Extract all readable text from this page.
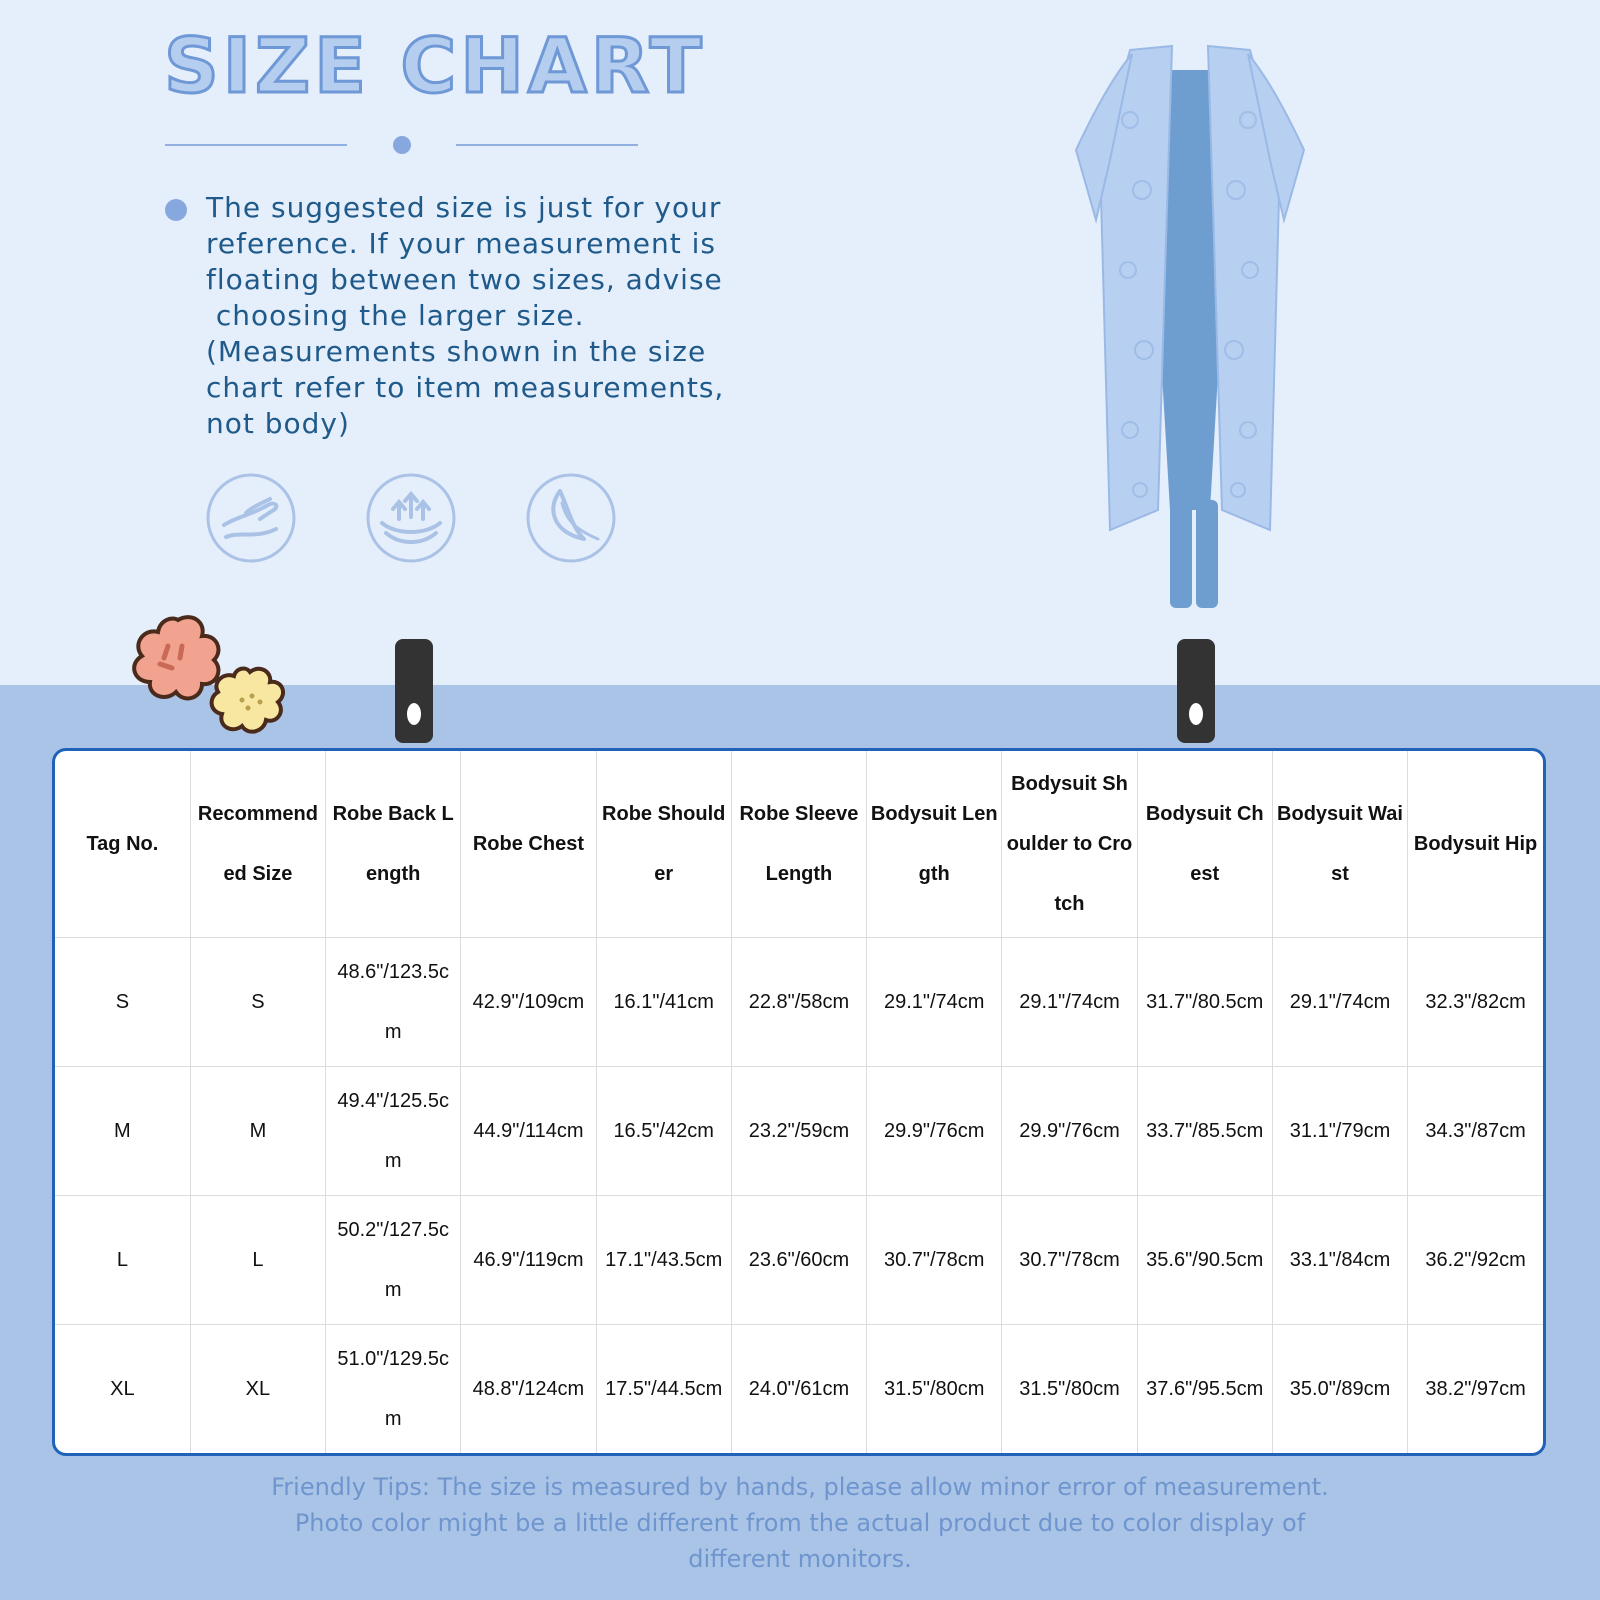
SIZE CHART

The suggested size is just for your
reference. If your measurement is
floating between two sizes, advise
choosing the larger size.
(Measurements shown in the size
chart refer to item measurements,
not body)

Tag No.	Recommended Size	Robe Back Length	Robe Chest	Robe Shoulder	Robe Sleeve Length	Bodysuit Length	Bodysuit Shoulder to Crotch	Bodysuit Chest	Bodysuit Waist	Bodysuit Hip
S	S	48.6"/123.5cm	42.9"/109cm	16.1"/41cm	22.8"/58cm	29.1"/74cm	29.1"/74cm	31.7"/80.5cm	29.1"/74cm	32.3"/82cm
M	M	49.4"/125.5cm	44.9"/114cm	16.5"/42cm	23.2"/59cm	29.9"/76cm	29.9"/76cm	33.7"/85.5cm	31.1"/79cm	34.3"/87cm
L	L	50.2"/127.5cm	46.9"/119cm	17.1"/43.5cm	23.6"/60cm	30.7"/78cm	30.7"/78cm	35.6"/90.5cm	33.1"/84cm	36.2"/92cm
XL	XL	51.0"/129.5cm	48.8"/124cm	17.5"/44.5cm	24.0"/61cm	31.5"/80cm	31.5"/80cm	37.6"/95.5cm	35.0"/89cm	38.2"/97cm

Friendly Tips: The size is measured by hands, please allow minor error of measurement.
Photo color might be a little different from the actual product due to color display of
different monitors.
